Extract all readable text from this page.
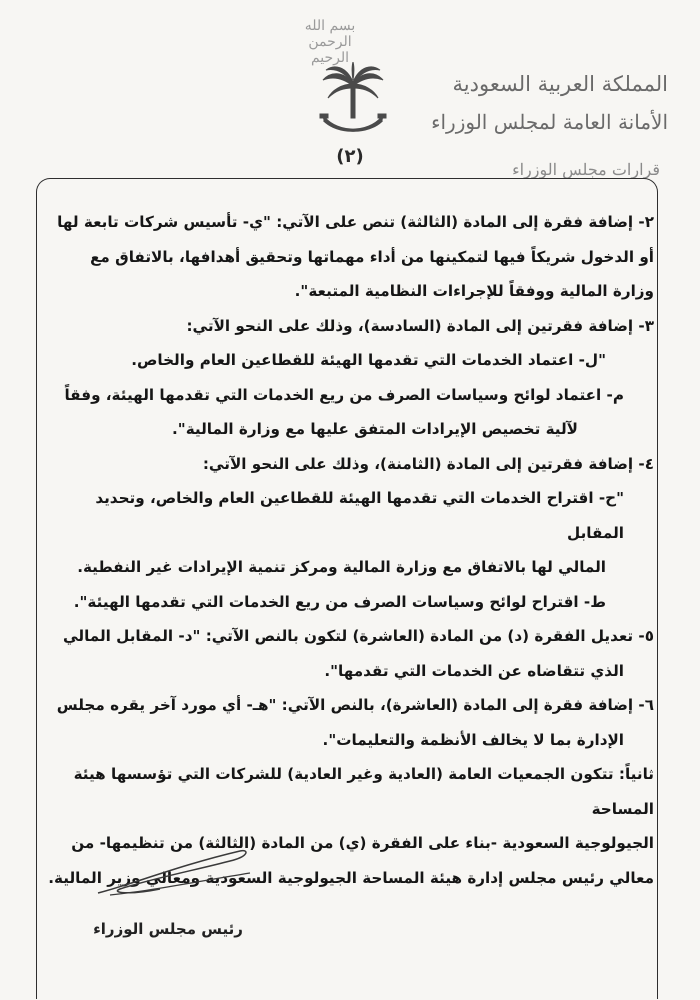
بسم الله الرحمن الرحيم
(٢)
المملكة العربية السعودية
الأمانة العامة لمجلس الوزراء
قرارات مجلس الوزراء

٢- إضافة فقرة إلى المادة (الثالثة) تنص على الآتي: "ي- تأسيس شركات تابعة لها

أو الدخول شريكاً فيها لتمكينها من أداء مهماتها وتحقيق أهدافها، بالاتفاق مع

وزارة المالية ووفقاً للإجراءات النظامية المتبعة".

٣- إضافة فقرتين إلى المادة (السادسة)، وذلك على النحو الآتي:

"ل- اعتماد الخدمات التي تقدمها الهيئة للقطاعين العام والخاص.

م- اعتماد لوائح وسياسات الصرف من ريع الخدمات التي تقدمها الهيئة، وفقاً

لآلية تخصيص الإيرادات المتفق عليها مع وزارة المالية".

٤- إضافة فقرتين إلى المادة (الثامنة)، وذلك على النحو الآتي:

"ح- اقتراح الخدمات التي تقدمها الهيئة للقطاعين العام والخاص، وتحديد المقابل

المالي لها بالاتفاق مع وزارة المالية ومركز تنمية الإيرادات غير النفطية.

ط- اقتراح لوائح وسياسات الصرف من ريع الخدمات التي تقدمها الهيئة".

٥- تعديل الفقرة (د) من المادة (العاشرة) لتكون بالنص الآتي: "د- المقابل المالي

الذي تتقاضاه عن الخدمات التي تقدمها".

٦- إضافة فقرة إلى المادة (العاشرة)، بالنص الآتي: "هـ- أي مورد آخر يقره مجلس

الإدارة بما لا يخالف الأنظمة والتعليمات".

ثانياً: تتكون الجمعيات العامة (العادية وغير العادية) للشركات التي تؤسسها هيئة المساحة

الجيولوجية السعودية -بناء على الفقرة (ي) من المادة (الثالثة) من تنظيمها- من

معالي رئيس مجلس إدارة هيئة المساحة الجيولوجية السعودية ومعالي وزير المالية.

رئيس مجلس الوزراء
